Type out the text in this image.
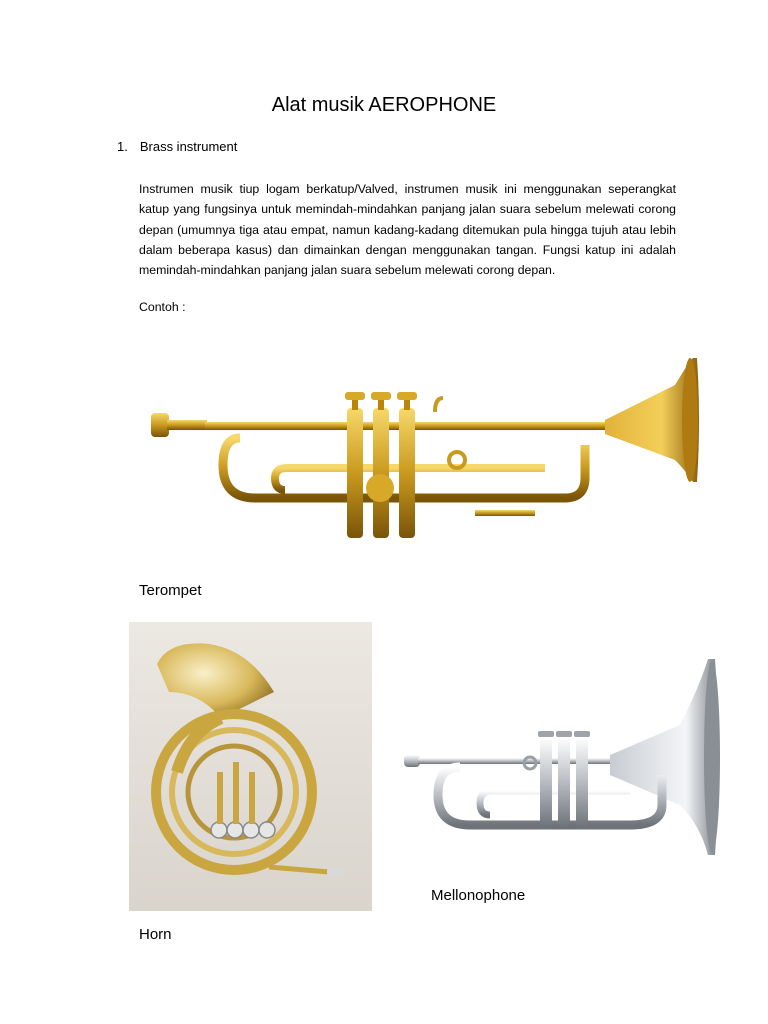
Alat musik AEROPHONE
1. Brass instrument

Instrumen musik tiup logam berkatup/Valved, instrumen musik ini menggunakan seperangkat katup yang fungsinya untuk memindah-mindahkan panjang jalan suara sebelum melewati corong depan (umumnya tiga atau empat, namun kadang-kadang ditemukan pula hingga tujuh atau lebih dalam beberapa kasus) dan dimainkan dengan menggunakan tangan. Fungsi katup ini adalah memindah-mindahkan panjang jalan suara sebelum melewati corong depan.

Contoh :
Terompet
Horn
Mellonophone
